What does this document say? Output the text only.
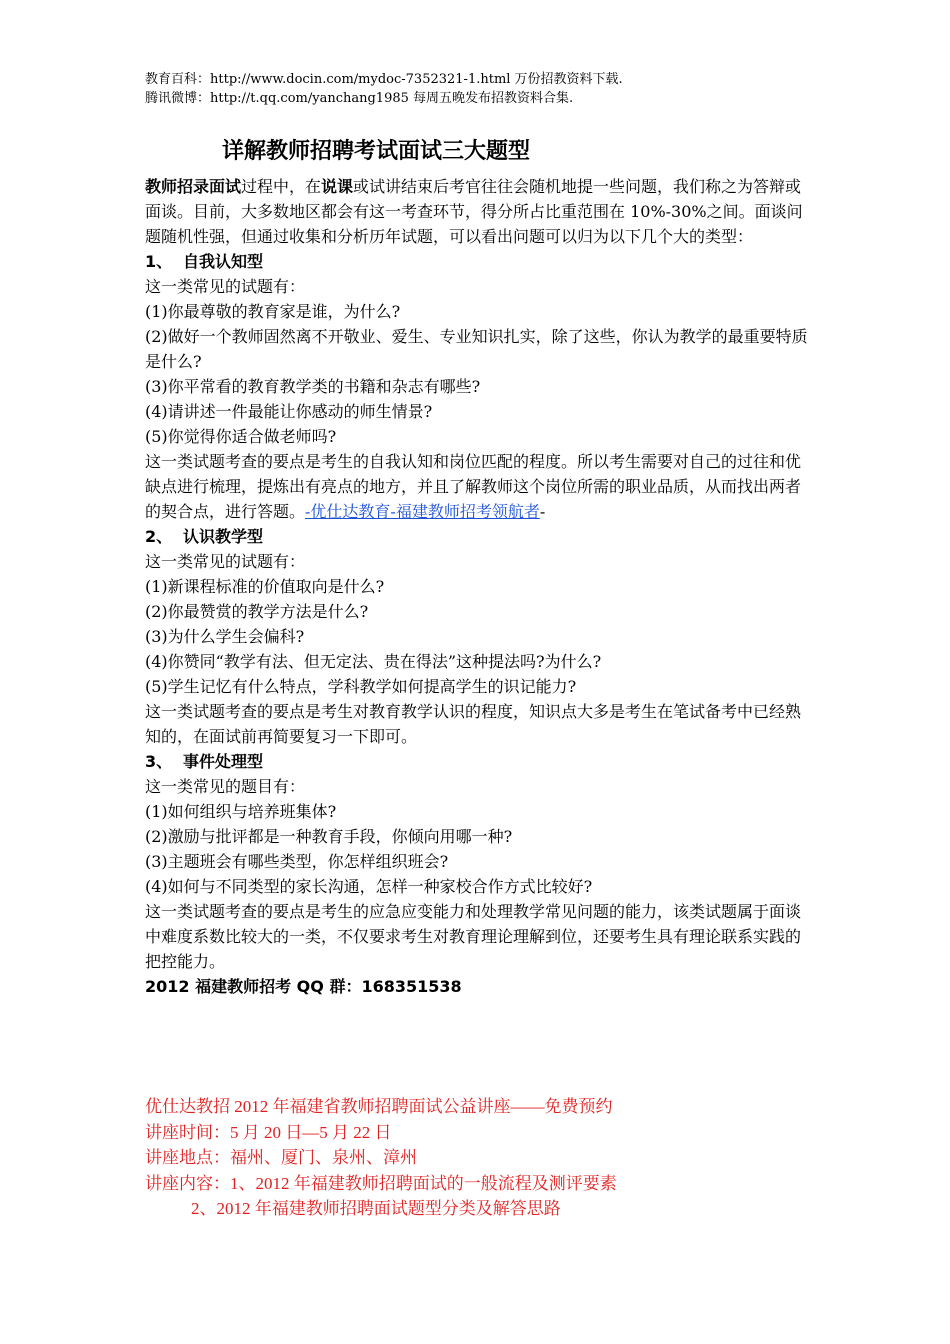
教育百科：http://www.docin.com/mydoc-7352321-1.html 万份招教资料下载.
腾讯微博：http://t.qq.com/yanchang1985 每周五晚发布招教资料合集.
详解教师招聘考试面试三大题型

教师招录面试过程中，在说课或试讲结束后考官往往会随机地提一些问题，我们称之为答辩或面谈。目前，大多数地区都会有这一考查环节，得分所占比重范围在 10%-30%之间。面谈问题随机性强，但通过收集和分析历年试题，可以看出问题可以归为以下几个大的类型：

1、 自我认知型

这一类常见的试题有：

(1)你最尊敬的教育家是谁，为什么?

(2)做好一个教师固然离不开敬业、爱生、专业知识扎实，除了这些，你认为教学的最重要特质是什么?

(3)你平常看的教育教学类的书籍和杂志有哪些?

(4)请讲述一件最能让你感动的师生情景?

(5)你觉得你适合做老师吗?

这一类试题考查的要点是考生的自我认知和岗位匹配的程度。所以考生需要对自己的过往和优缺点进行梳理，提炼出有亮点的地方，并且了解教师这个岗位所需的职业品质，从而找出两者的契合点，进行答题。-优仕达教育-福建教师招考领航者-

2、 认识教学型

这一类常见的试题有：

(1)新课程标准的价值取向是什么?

(2)你最赞赏的教学方法是什么?

(3)为什么学生会偏科?

(4)你赞同“教学有法、但无定法、贵在得法”这种提法吗?为什么?

(5)学生记忆有什么特点，学科教学如何提高学生的识记能力?

这一类试题考查的要点是考生对教育教学认识的程度，知识点大多是考生在笔试备考中已经熟知的，在面试前再简要复习一下即可。

3、 事件处理型

这一类常见的题目有：

(1)如何组织与培养班集体?

(2)激励与批评都是一种教育手段，你倾向用哪一种?

(3)主题班会有哪些类型，你怎样组织班会?

(4)如何与不同类型的家长沟通，怎样一种家校合作方式比较好?

这一类试题考查的要点是考生的应急应变能力和处理教学常见问题的能力，该类试题属于面谈中难度系数比较大的一类，不仅要求考生对教育理论理解到位，还要考生具有理论联系实践的把控能力。

2012 福建教师招考 QQ 群：168351538

优仕达教招 2012 年福建省教师招聘面试公益讲座——免费预约

讲座时间：5 月 20 日—5 月 22 日

讲座地点：福州、厦门、泉州、漳州

讲座内容：1、2012 年福建教师招聘面试的一般流程及测评要素

2、2012 年福建教师招聘面试题型分类及解答思路
